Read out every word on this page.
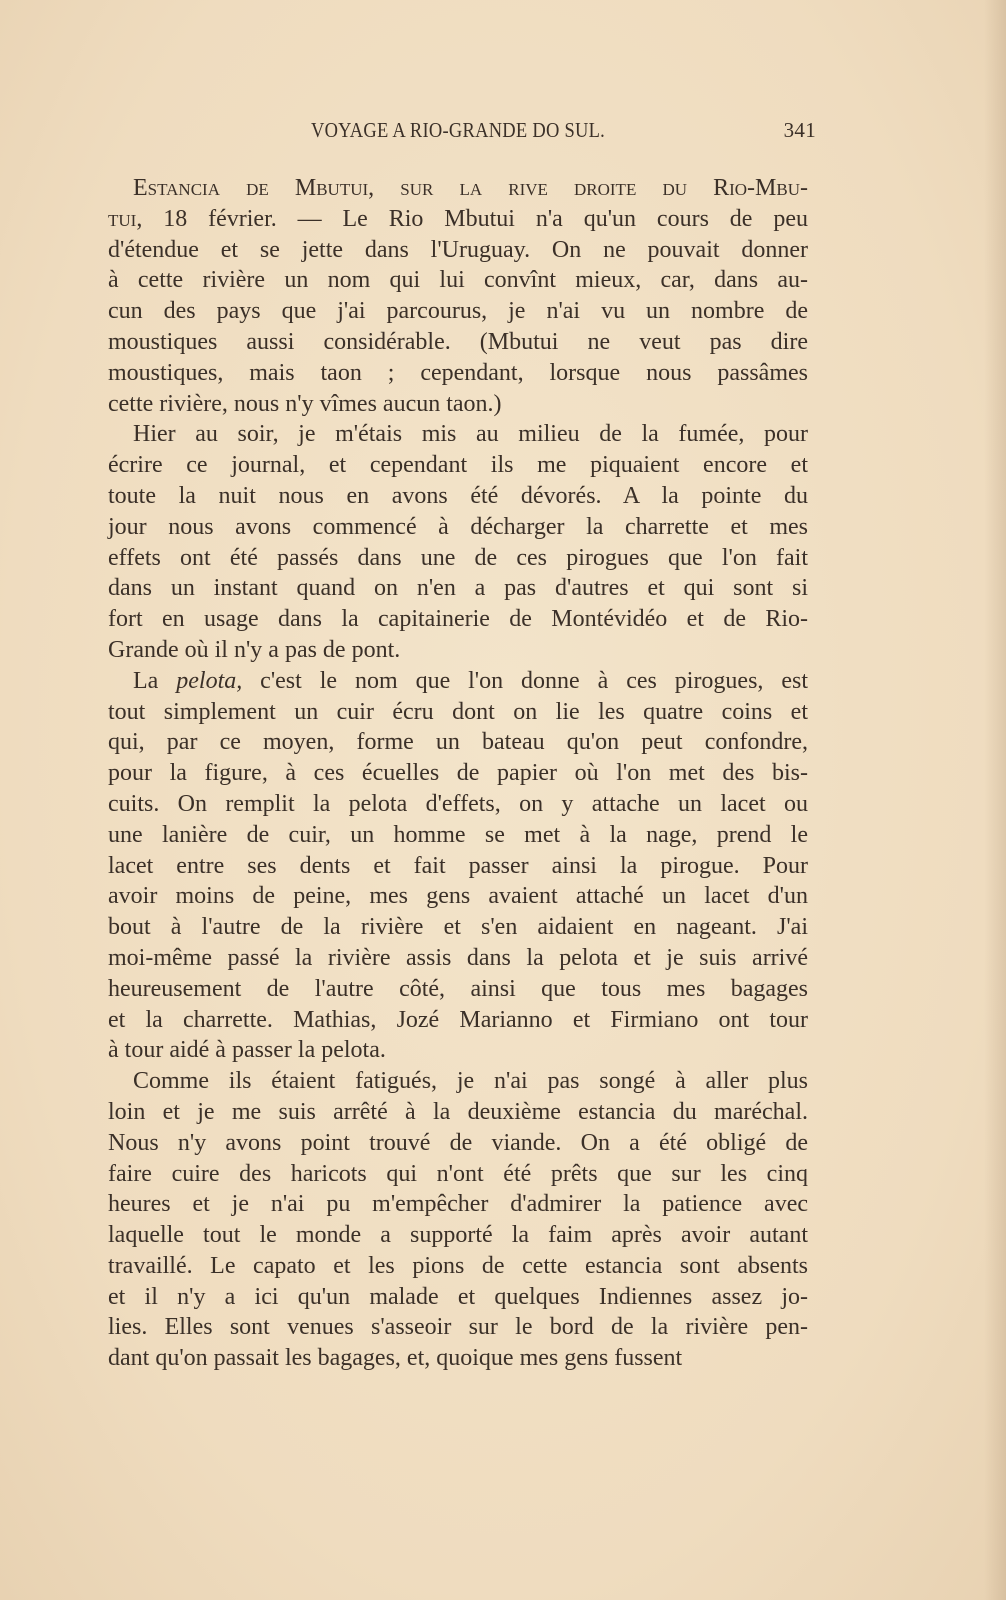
VOYAGE A RIO-GRANDE DO SUL.	341
Estancia de Mbutui, sur la rive droite du Rio-Mbu-
tui, 18 février. — Le Rio Mbutui n'a qu'un cours de peu
d'étendue et se jette dans l'Uruguay. On ne pouvait donner
à cette rivière un nom qui lui convînt mieux, car, dans au-
cun des pays que j'ai parcourus, je n'ai vu un nombre de
moustiques aussi considérable. (Mbutui ne veut pas dire
moustiques, mais taon ; cependant, lorsque nous passâmes
cette rivière, nous n'y vîmes aucun taon.)
Hier au soir, je m'étais mis au milieu de la fumée, pour
écrire ce journal, et cependant ils me piquaient encore et
toute la nuit nous en avons été dévorés. A la pointe du
jour nous avons commencé à décharger la charrette et mes
effets ont été passés dans une de ces pirogues que l'on fait
dans un instant quand on n'en a pas d'autres et qui sont si
fort en usage dans la capitainerie de Montévidéo et de Rio-
Grande où il n'y a pas de pont.
La pelota, c'est le nom que l'on donne à ces pirogues, est
tout simplement un cuir écru dont on lie les quatre coins et
qui, par ce moyen, forme un bateau qu'on peut confondre,
pour la figure, à ces écuelles de papier où l'on met des bis-
cuits. On remplit la pelota d'effets, on y attache un lacet ou
une lanière de cuir, un homme se met à la nage, prend le
lacet entre ses dents et fait passer ainsi la pirogue. Pour
avoir moins de peine, mes gens avaient attaché un lacet d'un
bout à l'autre de la rivière et s'en aidaient en nageant. J'ai
moi-même passé la rivière assis dans la pelota et je suis arrivé
heureusement de l'autre côté, ainsi que tous mes bagages
et la charrette. Mathias, Jozé Marianno et Firmiano ont tour
à tour aidé à passer la pelota.
Comme ils étaient fatigués, je n'ai pas songé à aller plus
loin et je me suis arrêté à la deuxième estancia du maréchal.
Nous n'y avons point trouvé de viande. On a été obligé de
faire cuire des haricots qui n'ont été prêts que sur les cinq
heures et je n'ai pu m'empêcher d'admirer la patience avec
laquelle tout le monde a supporté la faim après avoir autant
travaillé. Le capato et les pions de cette estancia sont absents
et il n'y a ici qu'un malade et quelques Indiennes assez jo-
lies. Elles sont venues s'asseoir sur le bord de la rivière pen-
dant qu'on passait les bagages, et, quoique mes gens fussent
